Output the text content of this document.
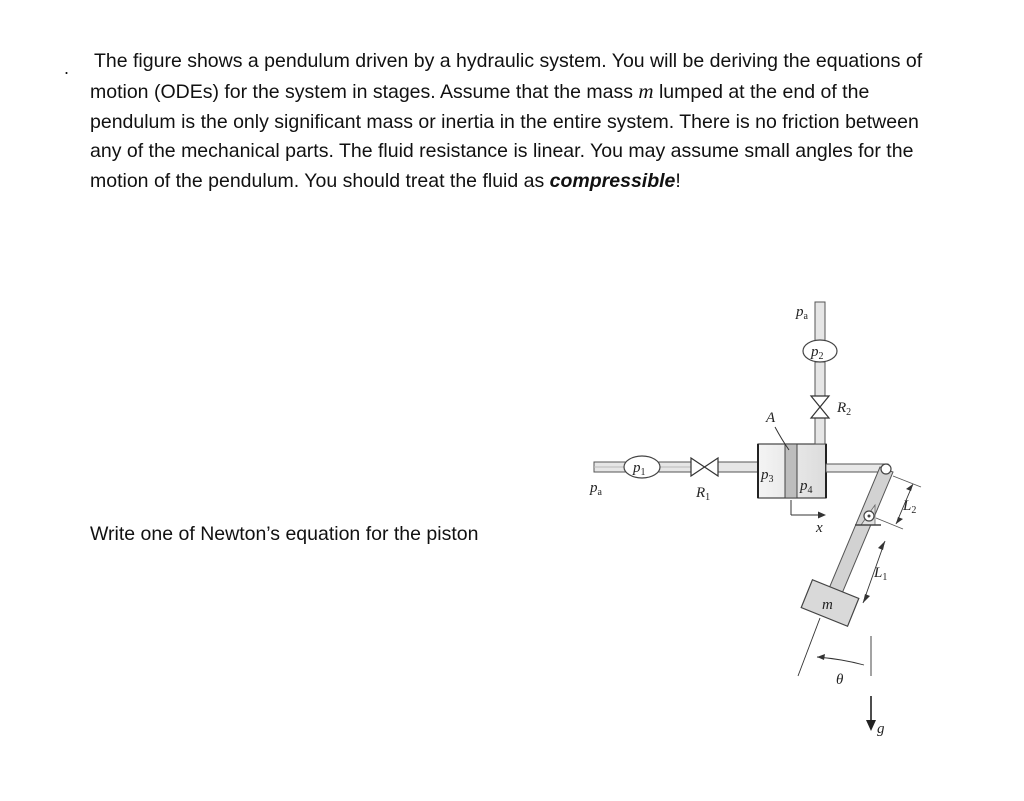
. The figure shows a pendulum driven by a hydraulic system. You will be deriving the equations of
motion (ODEs) for the system in stages. Assume that the mass m lumped at the end of the
pendulum is the only significant mass or inertia in the entire system. There is no friction between
any of the mechanical parts. The fluid resistance is linear. You may assume small angles for the
motion of the pendulum. You should treat the fluid as compressible!
Write one of Newton’s equation for the piston
$p_a$
$p_2$
$R_2$
A
$p_1$
$p_a$	$R_1$
$p_3$ $p_4$
x
$L_2$
$L_1$
m
θ
g
